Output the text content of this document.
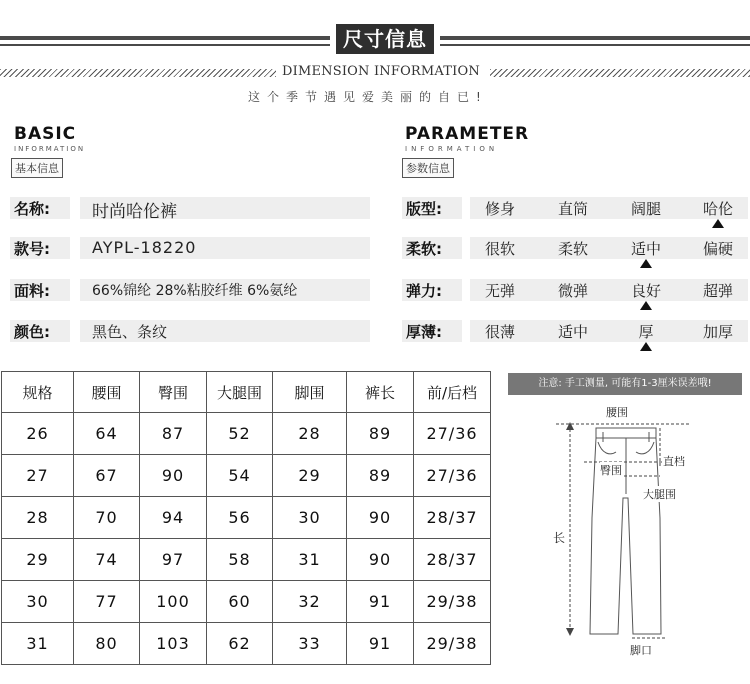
尺寸信息
DIMENSION INFORMATION
这个季节遇见爱美丽的自已!
BASIC
INFORMATION
基本信息
PARAMETER
INFORMATION
参数信息
名称: 时尚哈伦裤
款号:	AYPL-18220
面料:	66%锦纶 28%粘胶纤维 6%氨纶
颜色:	黑色、条纹
版型:	修身	直筒	阔腿	哈伦
柔软:	很软	柔软	适中	偏硬
弹力:	无弹	微弹	良好	超弹
厚薄:	很薄	适中	厚	加厚
规格	腰围	臀围	大腿围	脚围	裤长	前/后档
26	64	87	52	28	89	27/36
27	67	90	54	29	89	27/36
28	70	94	56	30	90	28/37
29	74	97	58	31	90	28/37
30	77	100	60	32	91	29/38
31	80	103	62	33	91	29/38
注意: 手工测量, 可能有1-3厘米误差哦!
腰围
直档
臀围
大腿围
长
脚口
